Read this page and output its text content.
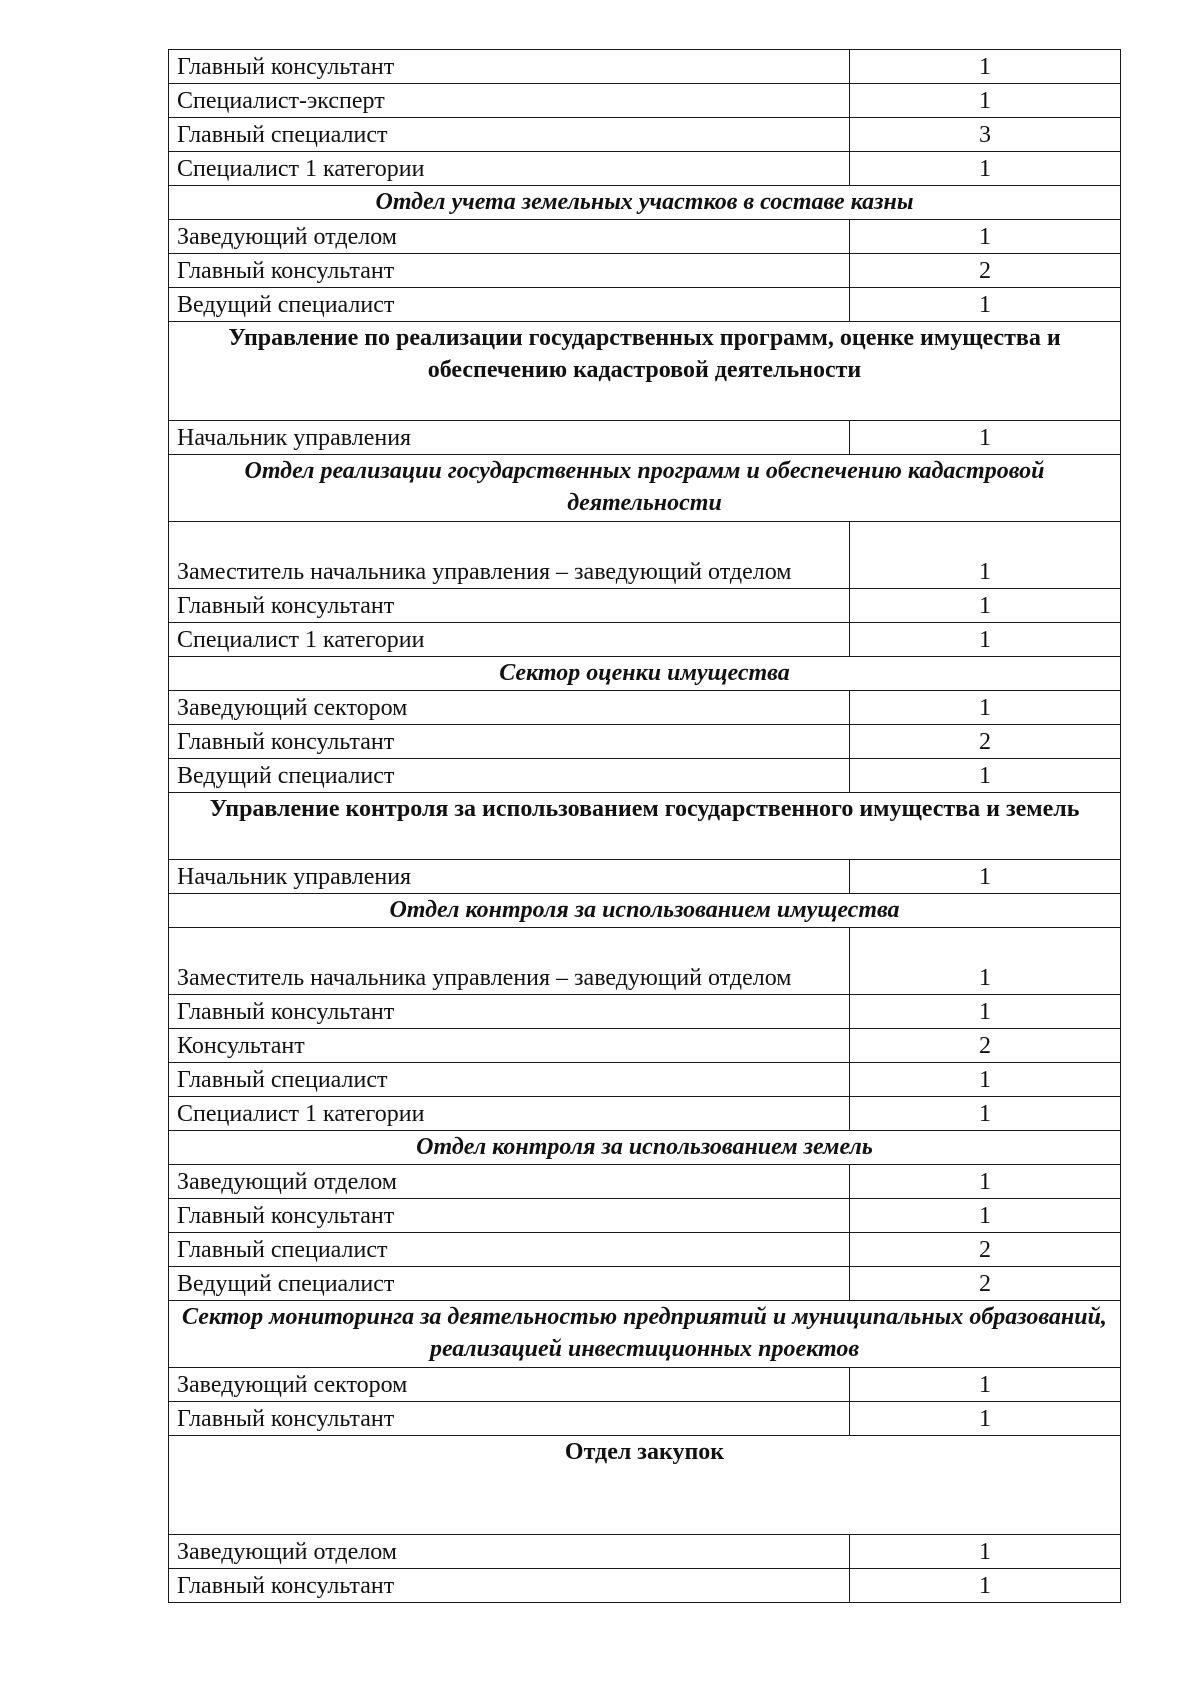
Главный консультант	1
Специалист-эксперт	1
Главный специалист	3
Специалист 1 категории	1
Отдел учета земельных участков в составе казны	
Заведующий отделом	1
Главный консультант	2
Ведущий специалист	1
Управление по реализации государственных программ, оценке имущества и обеспечению кадастровой деятельности	
Начальник управления	1
Отдел реализации государственных программ и обеспечению кадастровой деятельности	
Заместитель начальника управления – заведующий отделом	1
Главный консультант	1
Специалист 1 категории	1
Сектор оценки имущества	
Заведующий сектором	1
Главный консультант	2
Ведущий специалист	1
Управление контроля за использованием государственного имущества и земель	
Начальник управления	1
Отдел контроля за использованием имущества	
Заместитель начальника управления – заведующий отделом	1
Главный консультант	1
Консультант	2
Главный специалист	1
Специалист 1 категории	1
Отдел контроля за использованием земель	
Заведующий отделом	1
Главный консультант	1
Главный специалист	2
Ведущий специалист	2
Сектор мониторинга за деятельностью предприятий и муниципальных образований, реализацией инвестиционных проектов	
Заведующий сектором	1
Главный консультант	1
Отдел закупок	
Заведующий отделом	1
Главный консультант	1
